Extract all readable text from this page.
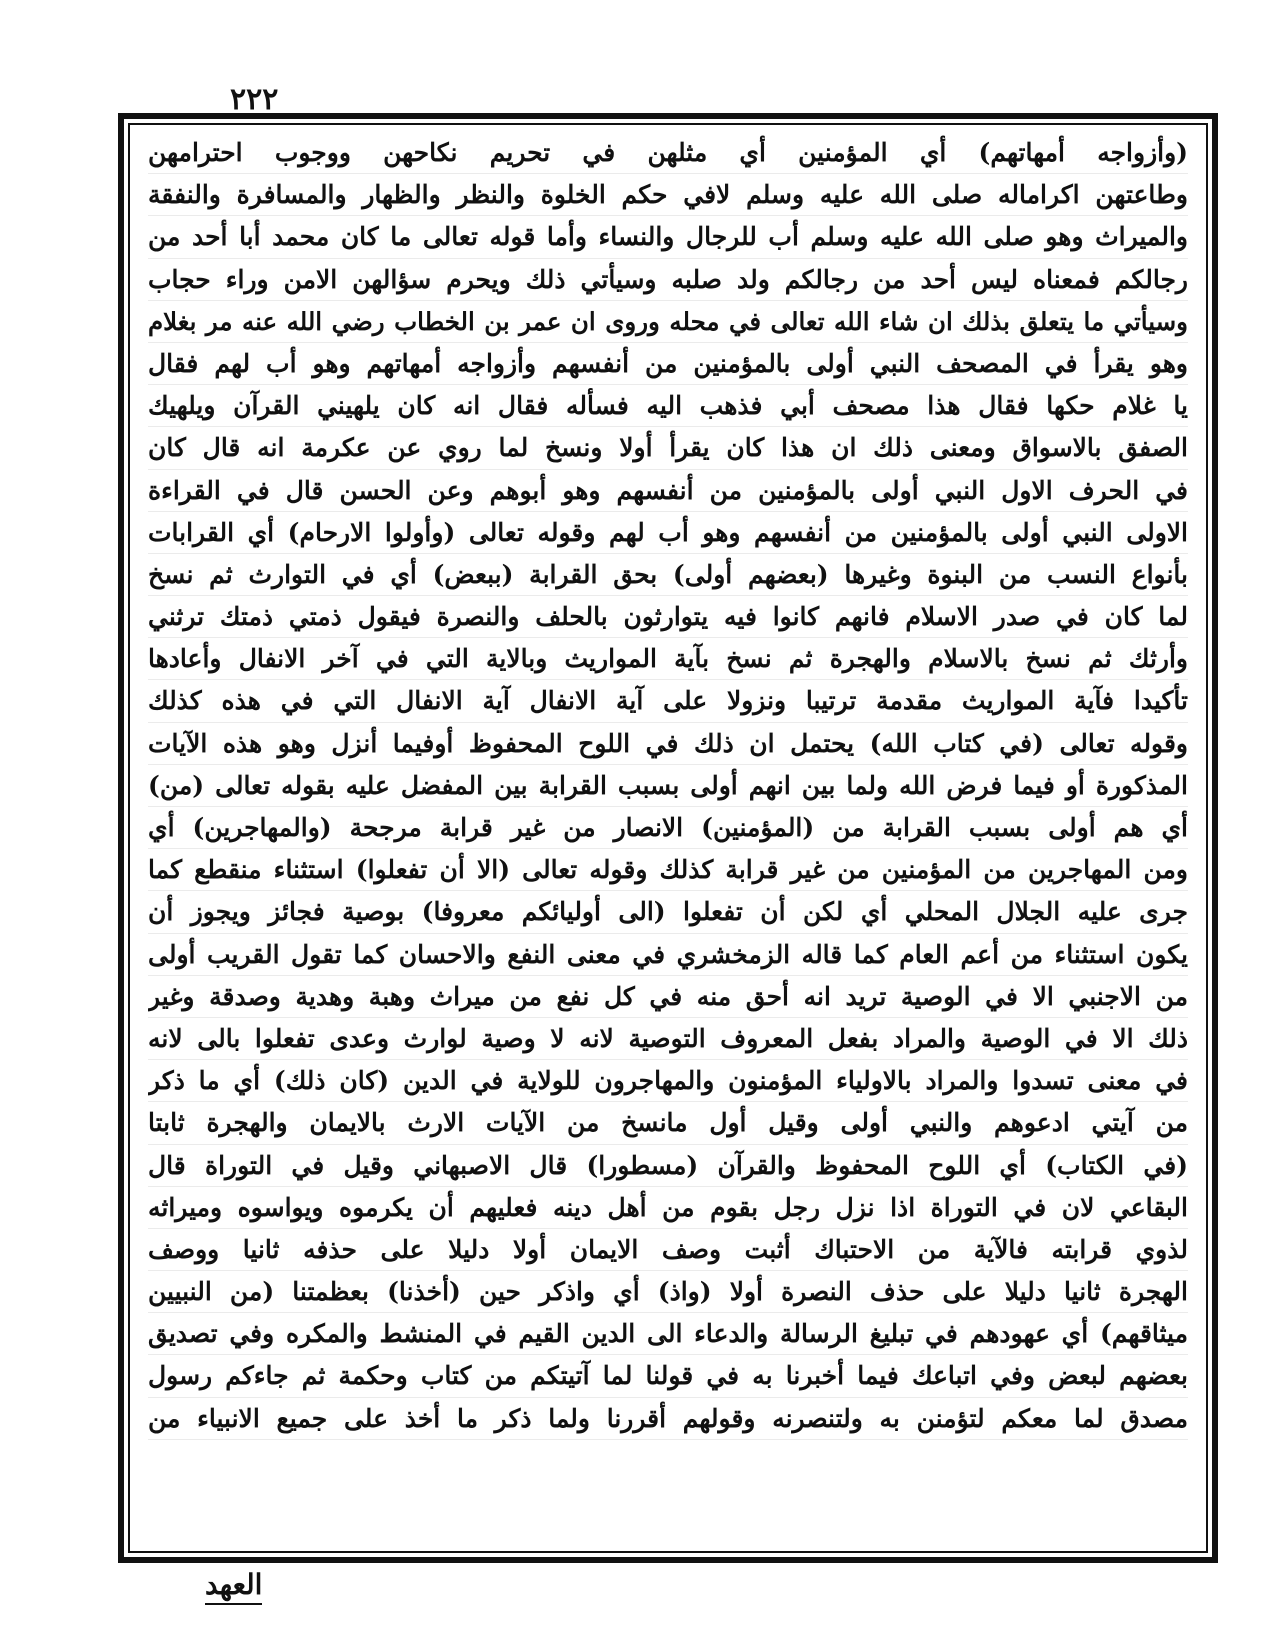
٢٢٢
(وأزواجه أمهاتهم) أي المؤمنين أي مثلهن في تحريم نكاحهن ووجوب احترامهن
وطاعتهن اكراماله صلى الله عليه وسلم لافي حكم الخلوة والنظر والظهار والمسافرة والنفقة
والميراث وهو صلى الله عليه وسلم أب للرجال والنساء وأما قوله تعالى ما كان محمد أبا أحد من
رجالكم فمعناه ليس أحد من رجالكم ولد صلبه وسيأتي ذلك ويحرم سؤالهن الامن وراء حجاب
وسيأتي ما يتعلق بذلك ان شاء الله تعالى في محله وروى ان عمر بن الخطاب رضي الله عنه مر بغلام
وهو يقرأ في المصحف النبي أولى بالمؤمنين من أنفسهم وأزواجه أمهاتهم وهو أب لهم فقال
يا غلام حكها فقال هذا مصحف أبي فذهب اليه فسأله فقال انه كان يلهيني القرآن ويلهيك
الصفق بالاسواق ومعنى ذلك ان هذا كان يقرأ أولا ونسخ لما روي عن عكرمة انه قال كان
في الحرف الاول النبي أولى بالمؤمنين من أنفسهم وهو أبوهم وعن الحسن قال في القراءة
الاولى النبي أولى بالمؤمنين من أنفسهم وهو أب لهم وقوله تعالى (وأولوا الارحام) أي القرابات
بأنواع النسب من البنوة وغيرها (بعضهم أولى) بحق القرابة (ببعض) أي في التوارث ثم نسخ
لما كان في صدر الاسلام فانهم كانوا فيه يتوارثون بالحلف والنصرة فيقول ذمتي ذمتك ترثني
وأرثك ثم نسخ بالاسلام والهجرة ثم نسخ بآية المواريث وبالاية التي في آخر الانفال وأعادها
تأكيدا فآية المواريث مقدمة ترتيبا ونزولا على آية الانفال آية الانفال التي في هذه كذلك
وقوله تعالى (في كتاب الله) يحتمل ان ذلك في اللوح المحفوظ أوفيما أنزل وهو هذه الآيات
المذكورة أو فيما فرض الله ولما بين انهم أولى بسبب القرابة بين المفضل عليه بقوله تعالى (من)
أي هم أولى بسبب القرابة من (المؤمنين) الانصار من غير قرابة مرجحة (والمهاجرين) أي
ومن المهاجرين من المؤمنين من غير قرابة كذلك وقوله تعالى (الا أن تفعلوا) استثناء منقطع كما
جرى عليه الجلال المحلي أي لكن أن تفعلوا (الى أوليائكم معروفا) بوصية فجائز ويجوز أن
يكون استثناء من أعم العام كما قاله الزمخشري في معنى النفع والاحسان كما تقول القريب أولى
من الاجنبي الا في الوصية تريد انه أحق منه في كل نفع من ميراث وهبة وهدية وصدقة وغير
ذلك الا في الوصية والمراد بفعل المعروف التوصية لانه لا وصية لوارث وعدى تفعلوا بالى لانه
في معنى تسدوا والمراد بالاولياء المؤمنون والمهاجرون للولاية في الدين (كان ذلك) أي ما ذكر
من آيتي ادعوهم والنبي أولى وقيل أول مانسخ من الآيات الارث بالايمان والهجرة ثابتا
(في الكتاب) أي اللوح المحفوظ والقرآن (مسطورا) قال الاصبهاني وقيل في التوراة قال
البقاعي لان في التوراة اذا نزل رجل بقوم من أهل دينه فعليهم أن يكرموه ويواسوه وميراثه
لذوي قرابته فالآية من الاحتباك أثبت وصف الايمان أولا دليلا على حذفه ثانيا ووصف
الهجرة ثانيا دليلا على حذف النصرة أولا (واذ) أي واذكر حين (أخذنا) بعظمتنا (من النبيين
ميثاقهم) أي عهودهم في تبليغ الرسالة والدعاء الى الدين القيم في المنشط والمكره وفي تصديق
بعضهم لبعض وفي اتباعك فيما أخبرنا به في قولنا لما آتيتكم من كتاب وحكمة ثم جاءكم رسول
مصدق لما معكم لتؤمنن به ولتنصرنه وقولهم أقررنا ولما ذكر ما أخذ على جميع الانبياء من
العهد
